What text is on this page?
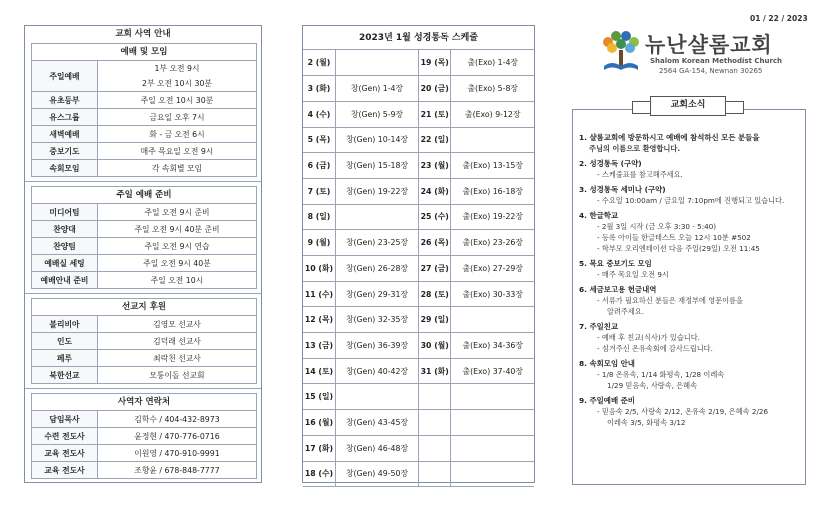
교회 사역 안내
예배 및 모임	
주일예배	1부 오전 9시
2부 오전 10시 30분

유초등부	주일 오전 10시 30분

유스그룹	금요일 오후 7시

새벽예배	화 - 금 오전 6시

중보기도	매주 목요일 오전 9시

속회모임	각 속회별 모임
주일 예배 준비	
미디어팀	주일 오전 9시 준비

찬양대	주일 오전 9시 40분 준비

찬양팀	주일 오전 9시 연습

예배실 세팅	주일 오전 9시 40분

예배안내 준비	주일 오전 10시
선교지 후원	
볼리비아	김영모 선교사

인도	김덕래 선교사

페루	최락천 선교사

북한선교	모퉁이돌 선교회
사역자 연락처	
담임목사	김학수 / 404-432-8973

수련 전도사	윤정현 / 470-776-0716

교육 전도사	이원영 / 470-910-9991

교육 전도사	조향윤 / 678-848-7777
2023년 1월 성경통독 스케줄
2 (월)		19 (목)	출(Exo) 1-4장
3 (화)	창(Gen) 1-4장	20 (금)	출(Exo) 5-8장
4 (수)	창(Gen) 5-9장	21 (토)	출(Exo) 9-12장
5 (목)	창(Gen) 10-14장	22 (일)	
6 (금)	창(Gen) 15-18장	23 (월)	출(Exo) 13-15장
7 (토)	창(Gen) 19-22장	24 (화)	출(Exo) 16-18장
8 (일)		25 (수)	출(Exo) 19-22장
9 (월)	창(Gen) 23-25장	26 (목)	출(Exo) 23-26장
10 (화)	창(Gen) 26-28장	27 (금)	출(Exo) 27-29장
11 (수)	창(Gen) 29-31장	28 (토)	출(Exo) 30-33장
12 (목)	창(Gen) 32-35장	29 (일)	
13 (금)	창(Gen) 36-39장	30 (월)	출(Exo) 34-36장
14 (토)	창(Gen) 40-42장	31 (화)	출(Exo) 37-40장
15 (일)			
16 (월)	창(Gen) 43-45장		
17 (화)	창(Gen) 46-48장		
18 (수)	창(Gen) 49-50장		
01 / 22 / 2023
뉴난샬롬교회
Shalom Korean Methodist Church
2564 GA-154, Newnan 30265
1. 샬롬교회에 방문하시고 예배에 참석하신 모든 분들을
주님의 이름으로 환영합니다.
2. 성경통독 (구약)
- 스케줄표를 참고해주세요.
3. 성경통독 세미나 (구약)
- 수요일 10:00am / 금요일 7:10pm에 진행되고 있습니다.
4. 한글학교
- 2월 3일 시작 (금 오후 3:30 - 5:40)
- 등록 아이들 한글테스트 오늘 12시 10분 #502
- 학부모 오리엔테이션 다음 주일(29일) 오전 11:45
5. 목요 중보기도 모임
- 매주 목요일 오전 9시
6. 세금보고용 헌금내역
- 서류가 필요하신 분들은 재정부에 영문이름을
알려주세요.
7. 주일친교
- 예배 후 친교(식사)가 있습니다.
- 섬겨주신 온유속회에 감사드립니다.
8. 속회모임 안내
- 1/8 온유속, 1/14 화평속, 1/28 이레속
1/29 믿음속, 사랑속, 은혜속
9. 주일예배 준비
- 믿음속 2/5, 사랑속 2/12, 온유속 2/19, 은혜속 2/26
이레속 3/5, 화평속 3/12
교회소식
